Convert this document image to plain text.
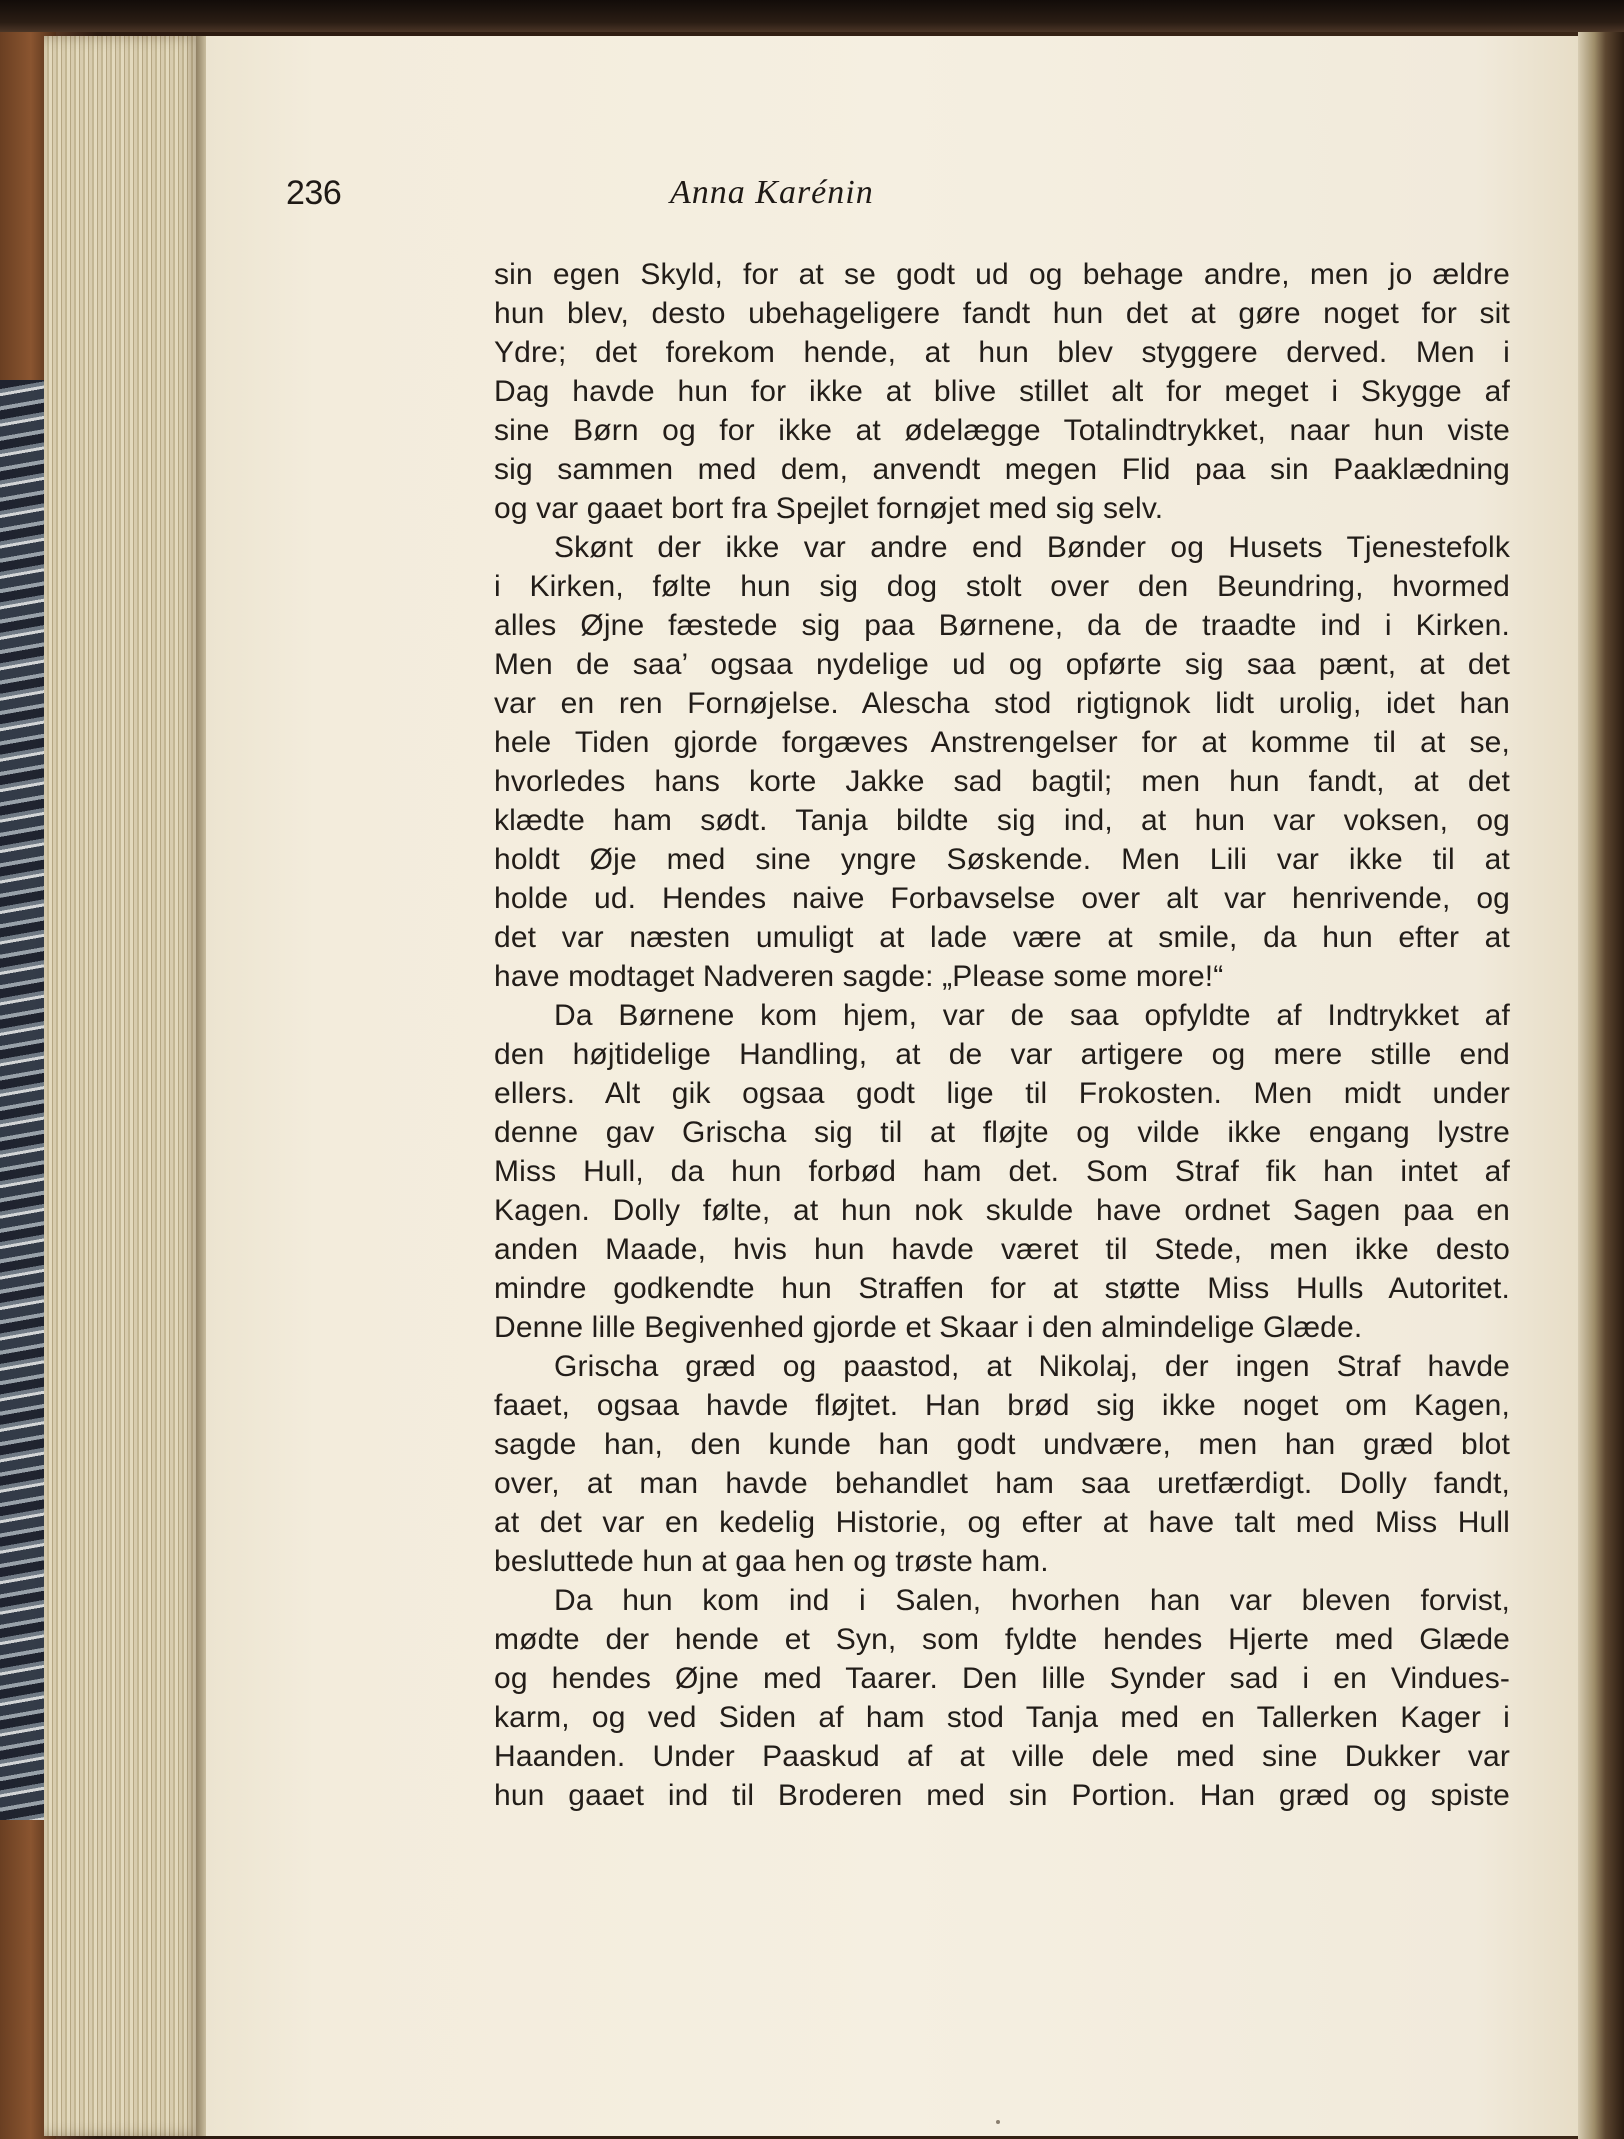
236	Anna Karénin
sin egen Skyld, for at se godt ud og behage andre, men jo ældre
hun blev, desto ubehageligere fandt hun det at gøre noget for sit
Ydre; det forekom hende, at hun blev styggere derved. Men i
Dag havde hun for ikke at blive stillet alt for meget i Skygge af
sine Børn og for ikke at ødelægge Totalindtrykket, naar hun viste
sig sammen med dem, anvendt megen Flid paa sin Paaklædning
og var gaaet bort fra Spejlet fornøjet med sig selv.
Skønt der ikke var andre end Bønder og Husets Tjenestefolk
i Kirken, følte hun sig dog stolt over den Beundring, hvormed
alles Øjne fæstede sig paa Børnene, da de traadte ind i Kirken.
Men de saa’ ogsaa nydelige ud og opførte sig saa pænt, at det
var en ren Fornøjelse. Alescha stod rigtignok lidt urolig, idet han
hele Tiden gjorde forgæves Anstrengelser for at komme til at se,
hvorledes hans korte Jakke sad bagtil; men hun fandt, at det
klædte ham sødt. Tanja bildte sig ind, at hun var voksen, og
holdt Øje med sine yngre Søskende. Men Lili var ikke til at
holde ud. Hendes naive Forbavselse over alt var henrivende, og
det var næsten umuligt at lade være at smile, da hun efter at
have modtaget Nadveren sagde: „Please some more!“
Da Børnene kom hjem, var de saa opfyldte af Indtrykket af
den højtidelige Handling, at de var artigere og mere stille end
ellers. Alt gik ogsaa godt lige til Frokosten. Men midt under
denne gav Grischa sig til at fløjte og vilde ikke engang lystre
Miss Hull, da hun forbød ham det. Som Straf fik han intet af
Kagen. Dolly følte, at hun nok skulde have ordnet Sagen paa en
anden Maade, hvis hun havde været til Stede, men ikke desto
mindre godkendte hun Straffen for at støtte Miss Hulls Autoritet.
Denne lille Begivenhed gjorde et Skaar i den almindelige Glæde.
Grischa græd og paastod, at Nikolaj, der ingen Straf havde
faaet, ogsaa havde fløjtet. Han brød sig ikke noget om Kagen,
sagde han, den kunde han godt undvære, men han græd blot
over, at man havde behandlet ham saa uretfærdigt. Dolly fandt,
at det var en kedelig Historie, og efter at have talt med Miss Hull
besluttede hun at gaa hen og trøste ham.
Da hun kom ind i Salen, hvorhen han var bleven forvist,
mødte der hende et Syn, som fyldte hendes Hjerte med Glæde
og hendes Øjne med Taarer. Den lille Synder sad i en Vindues-
karm, og ved Siden af ham stod Tanja med en Tallerken Kager i
Haanden. Under Paaskud af at ville dele med sine Dukker var
hun gaaet ind til Broderen med sin Portion. Han græd og spiste
